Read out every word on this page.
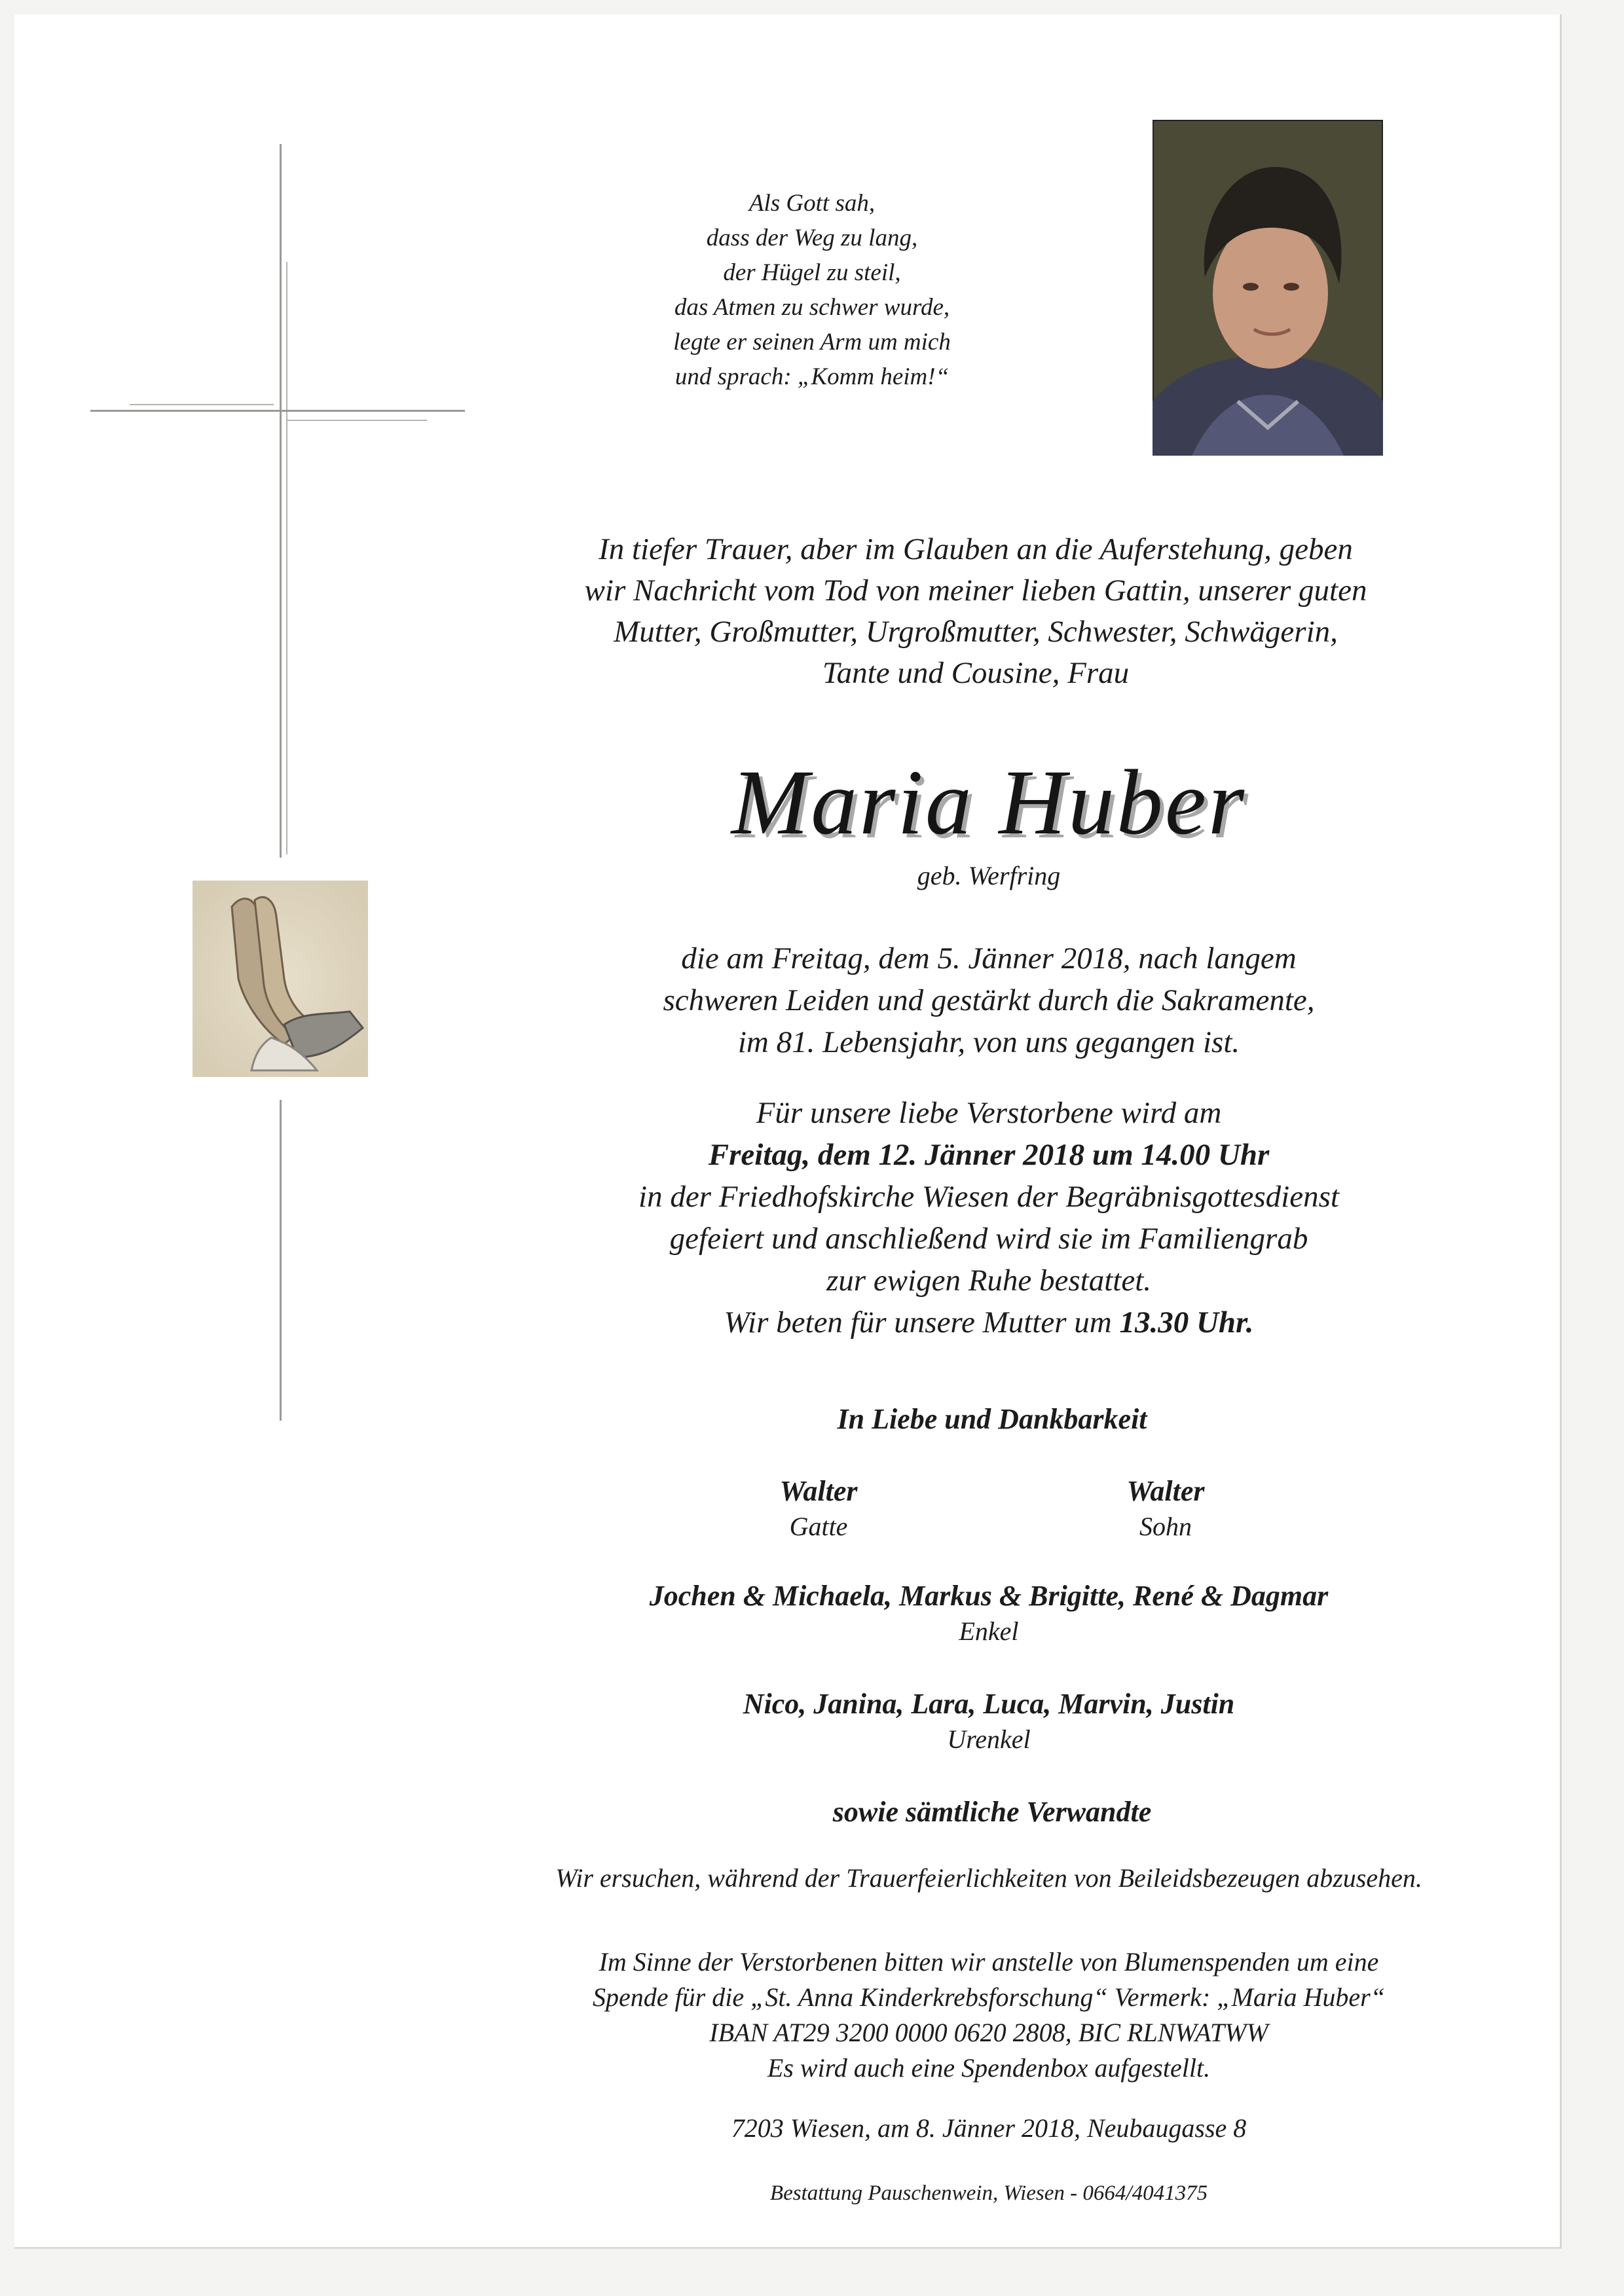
Als Gott sah,
dass der Weg zu lang,
der Hügel zu steil,
das Atmen zu schwer wurde,
legte er seinen Arm um mich
und sprach: „Komm heim!“
In tiefer Trauer, aber im Glauben an die Auferstehung, geben
wir Nachricht vom Tod von meiner lieben Gattin, unserer guten
Mutter, Großmutter, Urgroßmutter, Schwester, Schwägerin,
Tante und Cousine, Frau
Maria Huber
geb. Werfring
die am Freitag, dem 5. Jänner 2018, nach langem
schweren Leiden und gestärkt durch die Sakramente,
im 81. Lebensjahr, von uns gegangen ist.
Für unsere liebe Verstorbene wird am
Freitag, dem 12. Jänner 2018 um 14.00 Uhr
in der Friedhofskirche Wiesen der Begräbnisgottesdienst
gefeiert und anschließend wird sie im Familiengrab
zur ewigen Ruhe bestattet.
Wir beten für unsere Mutter um 13.30 Uhr.
In Liebe und Dankbarkeit
Walter
Gatte
Walter
Sohn
Jochen & Michaela, Markus & Brigitte, René & Dagmar
Enkel
Nico, Janina, Lara, Luca, Marvin, Justin
Urenkel
sowie sämtliche Verwandte
Wir ersuchen, während der Trauerfeierlichkeiten von Beileidsbezeugen abzusehen.
Im Sinne der Verstorbenen bitten wir anstelle von Blumenspenden um eine
Spende für die „St. Anna Kinderkrebsforschung“ Vermerk: „Maria Huber“
IBAN AT29 3200 0000 0620 2808, BIC RLNWATWW
Es wird auch eine Spendenbox aufgestellt.
7203 Wiesen, am 8. Jänner 2018, Neubaugasse 8
Bestattung Pauschenwein, Wiesen - 0664/4041375
